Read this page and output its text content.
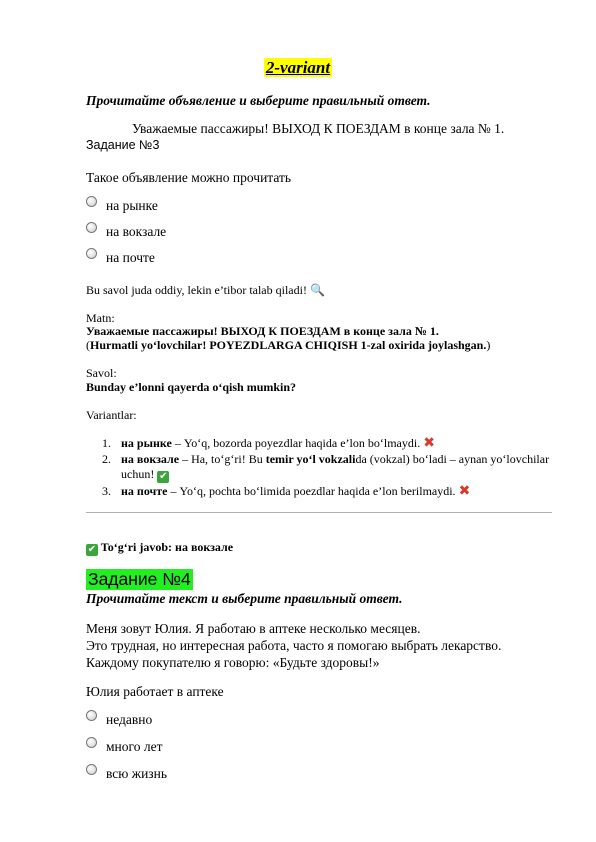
2-variant
Прочитайте объявление и выберите правильный ответ.
Уважаемые пассажиры! ВЫХОД К ПОЕЗДАМ в конце зала № 1.
Задание №3
Такое объявление можно прочитать
на рынке
на вокзале
на почте
Bu savol juda oddiy, lekin e’tibor talab qiladi! 🔍
Matn:
Уважаемые пассажиры! ВЫХОД К ПОЕЗДАМ в конце зала № 1.
(Hurmatli yo‘lovchilar! POYEZDLARGA CHIQISH 1-zal oxirida joylashgan.)
Savol:
Bunday e’lonni qayerda o‘qish mumkin?
Variantlar:
1. на рынке – Yo‘q, bozorda poyezdlar haqida e’lon bo‘lmaydi. ✖
2. на вокзале – Ha, to‘g‘ri! Bu temir yo‘l vokzalida (vokzal) bo‘ladi – aynan yo‘lovchilar uchun! ✔
3. на почте – Yo‘q, pochta bo‘limida poezdlar haqida e’lon berilmaydi. ✖
✔ To‘g‘ri javob: на вокзале
Задание №4
Прочитайте текст и выберите правильный ответ.
Меня зовут Юлия. Я работаю в аптеке несколько месяцев.
Это трудная, но интересная работа, часто я помогаю выбрать лекарство.
Каждому покупателю я говорю: «Будьте здоровы!»
Юлия работает в аптеке
недавно
много лет
всю жизнь
